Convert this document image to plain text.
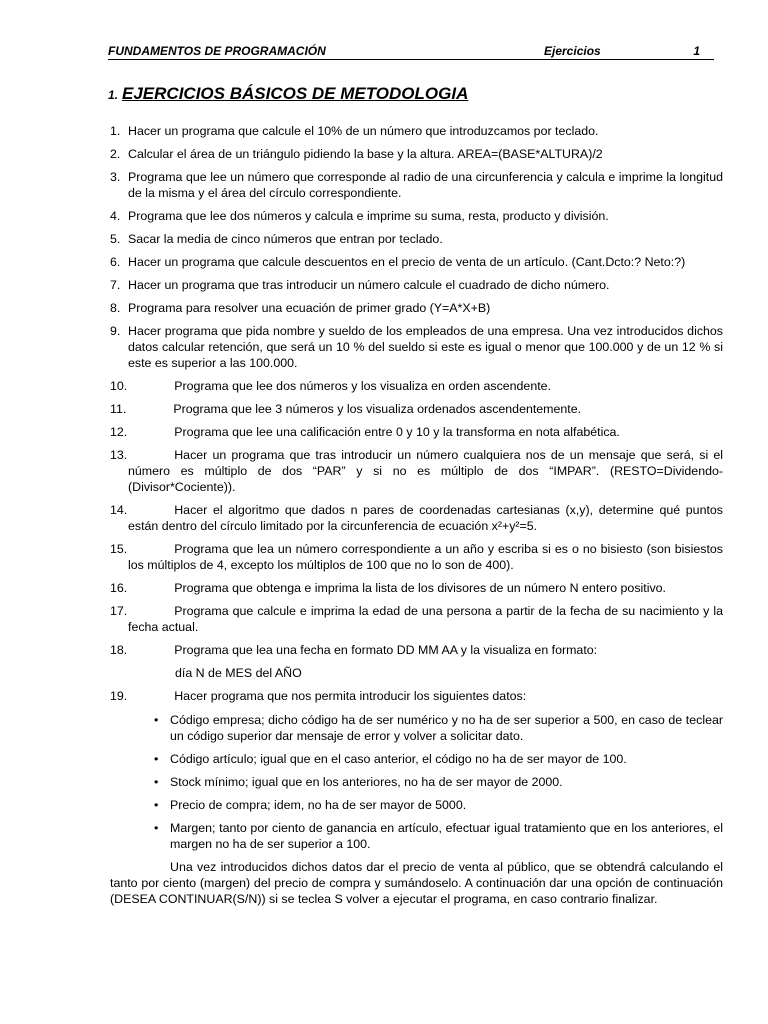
FUNDAMENTOS DE PROGRAMACIÓN	Ejercicios	1
1. EJERCICIOS BÁSICOS DE METODOLOGIA
1. Hacer un programa que calcule el 10% de un número que introduzcamos por teclado.
2. Calcular el área de un triángulo pidiendo la base y la altura. AREA=(BASE*ALTURA)/2
3. Programa que lee un número que corresponde al radio de una circunferencia y calcula e imprime la longitud de la misma y el área del círculo correspondiente.
4. Programa que lee dos números y calcula e imprime su suma, resta, producto y división.
5. Sacar la media de cinco números que entran por teclado.
6. Hacer un programa que calcule descuentos en el precio de venta de un artículo. (Cant.Dcto:? Neto:?)
7. Hacer un programa que tras introducir un número calcule el cuadrado de dicho número.
8. Programa para resolver una ecuación de primer grado (Y=A*X+B)
9. Hacer programa que pida nombre y sueldo de los empleados de una empresa. Una vez introducidos dichos datos calcular retención, que será un 10 % del sueldo si este es igual o menor que 100.000 y de un 12 % si este es superior a las 100.000.
10.	Programa que lee dos números y los visualiza en orden ascendente.
11.	Programa que lee 3 números y los visualiza ordenados ascendentemente.
12.	Programa que lee una calificación entre 0 y 10 y la transforma en nota alfabética.
13.	Hacer un programa que tras introducir un número cualquiera nos de un mensaje que será, si el número es múltiplo de dos “PAR” y si no es múltiplo de dos “IMPAR”. (RESTO=Dividendo-(Divisor*Cociente)).
14.	Hacer el algoritmo que dados n pares de coordenadas cartesianas (x,y), determine qué puntos están dentro del círculo limitado por la circunferencia de ecuación x²+y²=5.
15.	Programa que lea un número correspondiente a un año y escriba si es o no bisiesto (son bisiestos los múltiplos de 4, excepto los múltiplos de 100 que no lo son de 400).
16.	Programa que obtenga e imprima la lista de los divisores de un número N entero positivo.
17.	Programa que calcule e imprima la edad de una persona a partir de la fecha de su nacimiento y la fecha actual.
18.	Programa que lea una fecha en formato DD MM AA y la visualiza en formato:
día N de MES del AÑO
19.	Hacer programa que nos permita introducir los siguientes datos:
• Código empresa; dicho código ha de ser numérico y no ha de ser superior a 500, en caso de teclear un código superior dar mensaje de error y volver a solicitar dato.
• Código artículo; igual que en el caso anterior, el código no ha de ser mayor de 100.
• Stock mínimo; igual que en los anteriores, no ha de ser mayor de 2000.
• Precio de compra; idem, no ha de ser mayor de 5000.
• Margen; tanto por ciento de ganancia en artículo, efectuar igual tratamiento que en los anteriores, el margen no ha de ser superior a 100.
Una vez introducidos dichos datos dar el precio de venta al público, que se obtendrá calculando el tanto por ciento (margen) del precio de compra y sumándoselo. A continuación dar una opción de continuación (DESEA CONTINUAR(S/N)) si se teclea S volver a ejecutar el programa, en caso contrario finalizar.
